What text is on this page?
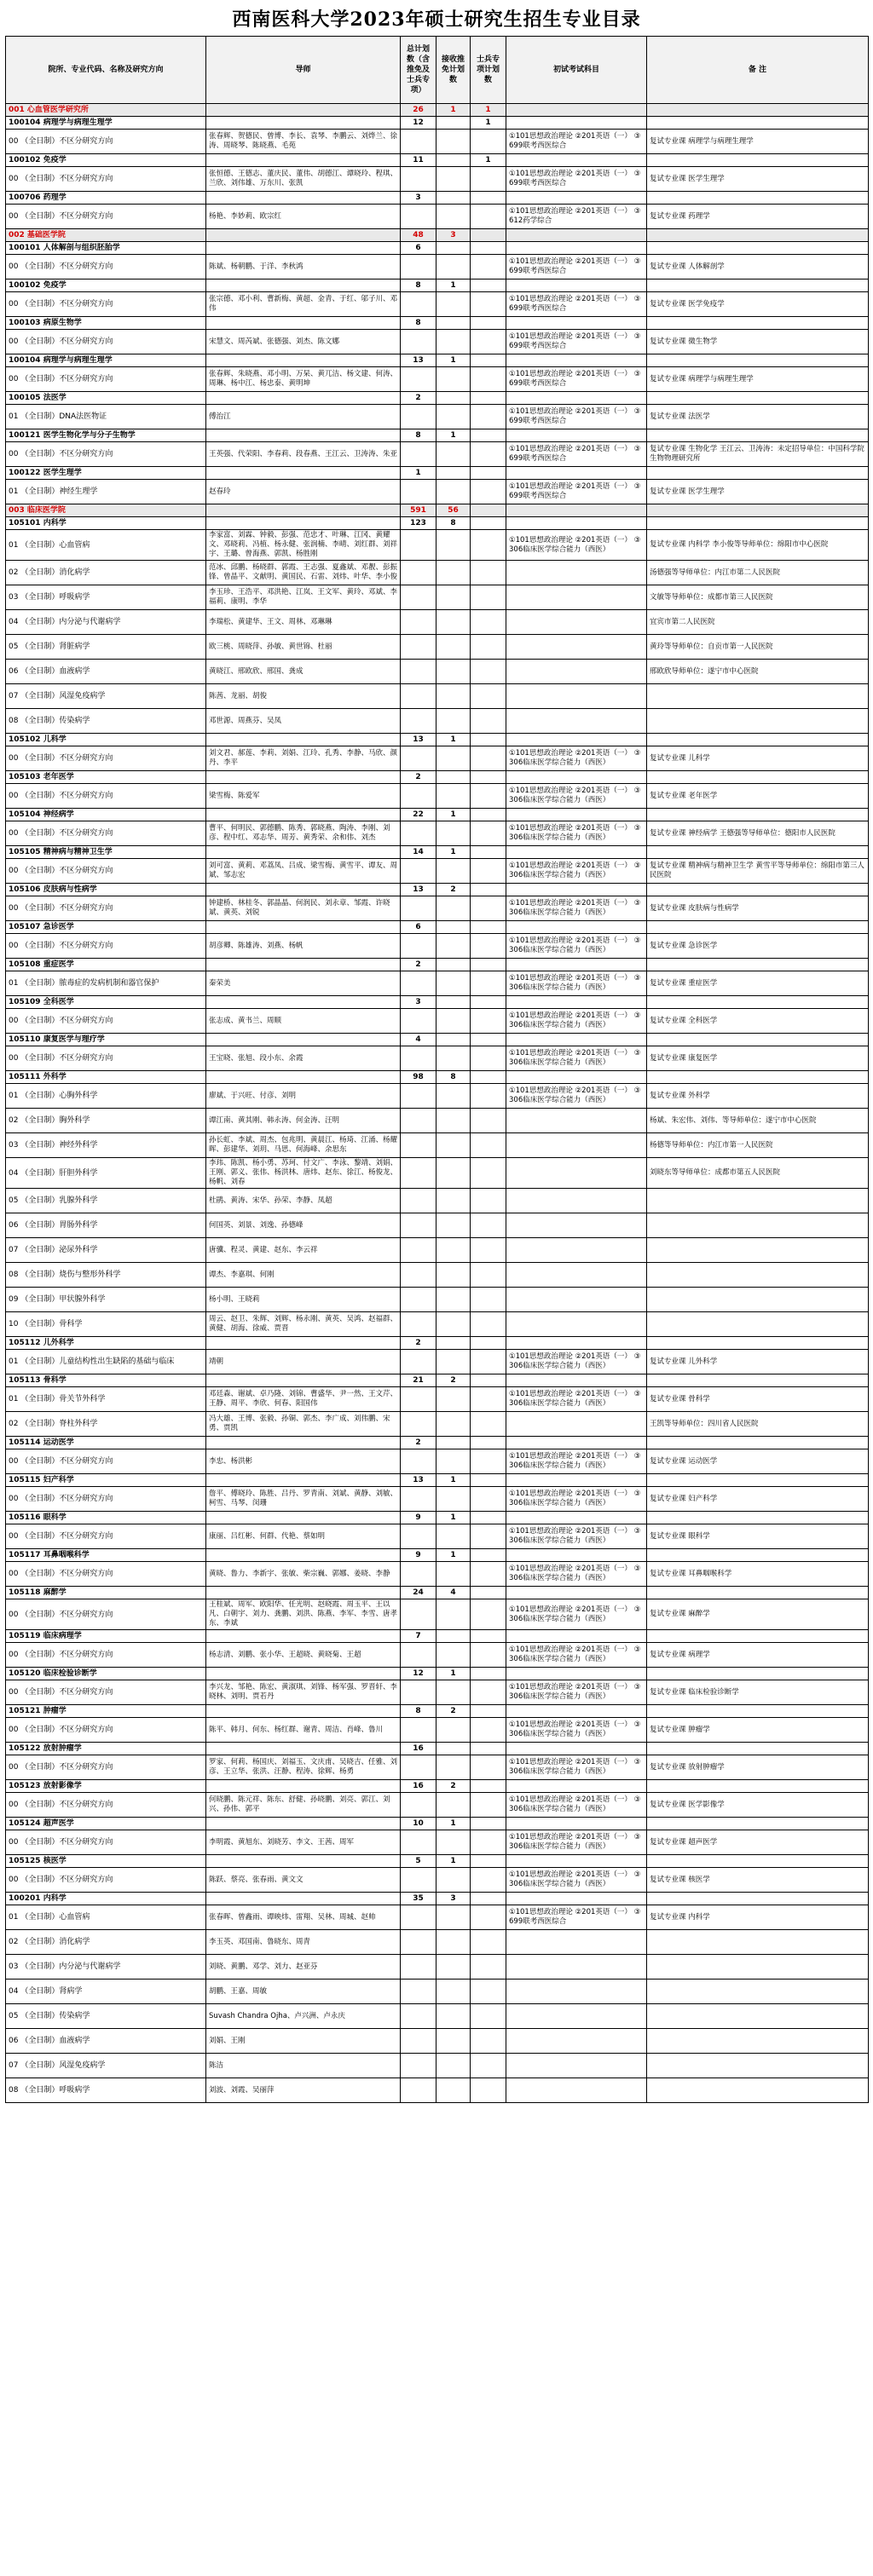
西南医科大学2023年硕士研究生招生专业目录
院所、专业代码、名称及研究方向	导师	总计划数（含推免及士兵专项）	接收推免计划数	士兵专项计划数	初试考试科目	备 注
001 心血管医学研究所		26	1	1		
100104 病理学与病理生理学		12		1		
00 （全日制）不区分研究方向	张春辉、贺德民、曾博、李长、袁琴、李鹏云、刘烨兰、徐涛、周晓琴、陈晓燕、毛苑				①101思想政治理论 ②201英语（一） ③699联考西医综合	复试专业课 病理学与病理生理学
100102 免疫学		11		1		
00 （全日制）不区分研究方向	张恒德、王德志、董庆民、董伟、胡德江、谭晓玲、程琪、兰欣、刘伟雄、万东川、张凯				①101思想政治理论 ②201英语（一） ③699联考西医综合	复试专业课 医学生理学
100706 药理学		3				
00 （全日制）不区分研究方向	杨艳、李妙莉、欧宗红				①101思想政治理论 ②201英语（一） ③612药学综合	复试专业课 药理学
002 基础医学院		48	3			
100101 人体解剖与组织胚胎学		6				
00 （全日制）不区分研究方向	陈斌、杨朝鹏、于洋、李秋鸿				①101思想政治理论 ②201英语（一） ③699联考西医综合	复试专业课 人体解剖学
100102 免疫学		8	1			
00 （全日制）不区分研究方向	张宗德、邓小利、曹新梅、黄超、金青、于红、邬子川、邓伟				①101思想政治理论 ②201英语（一） ③699联考西医综合	复试专业课 医学免疫学
100103 病原生物学		8				
00 （全日制）不区分研究方向	宋慧文、周芮斌、张德强、刘杰、陈文娜				①101思想政治理论 ②201英语（一） ③699联考西医综合	复试专业课 微生物学
100104 病理学与病理生理学		13	1			
00 （全日制）不区分研究方向	张春辉、朱晓燕、邓小明、万杲、黄兀洁、杨文建、何涛、周琳、杨中江、杨忠泰、黄明坤				①101思想政治理论 ②201英语（一） ③699联考西医综合	复试专业课 病理学与病理生理学
100105 法医学		2				
01 （全日制）DNA法医物证	傅治江				①101思想政治理论 ②201英语（一） ③699联考西医综合	复试专业课 法医学
100121 医学生物化学与分子生物学		8	1			
00 （全日制）不区分研究方向	王英强、代荣阳、李春莉、段春燕、王江云、卫涛涛、朱亚				①101思想政治理论 ②201英语（一） ③699联考西医综合	复试专业课 生物化学 王江云、卫涛涛：未定招导单位：中国科学院生物物理研究所
100122 医学生理学		1				
01 （全日制）神经生理学	赵春玲				①101思想政治理论 ②201英语（一） ③699联考西医综合	复试专业课 医学生理学
003 临床医学院		591	56			
105101 内科学		123	8			
01 （全日制）心血管病	李家富、刘霖、钟毅、彭强、范忠才、叶琳、江冈、黄耀文、邓晓莉、冯植、杨永健、张润楠、李晴、刘红群、刘祥宇、王璐、曾海燕、郭凯、杨胜刚				①101思想政治理论 ②201英语（一） ③306临床医学综合能力（西医）	复试专业课 内科学 李小俊等导师单位：绵阳市中心医院
02 （全日制）消化病学	范冰、邱鹏、杨晓群、郭霞、王志强、夏鑫斌、邓靓、彭振锋、曾晶平、文献明、黄国民、石雷、刘炜、叶华、李小俊					汤德强等导师单位：内江市第二人民医院
03 （全日制）呼吸病学	李玉珍、王浩平、邓洪艳、江岚、王文军、黄玲、邓斌、李福莉、康明、李华					文敏等导师单位：成都市第三人民医院
04 （全日制）内分泌与代谢病学	李瑞松、黄建华、王文、周林、邓琳琳					宜宾市第二人民医院
05 （全日制）肾脏病学	欧三桃、周晓萍、孙敏、黄世锦、杜丽					黄玲等导师单位：自贡市第一人民医院
06 （全日制）血液病学	黄晓江、邢欧欣、邢国、龚成					邢欧欣导师单位：遂宁市中心医院
07 （全日制）风湿免疫病学	陈茜、龙丽、胡俊					
08 （全日制）传染病学	邓世源、周燕芬、吴凤					
105102 儿科学		13	1			
00 （全日制）不区分研究方向	刘文君、郝莲、李莉、刘娟、江玲、孔秀、李静、马欣、颜丹、李平				①101思想政治理论 ②201英语（一） ③306临床医学综合能力（西医）	复试专业课 儿科学
105103 老年医学		2				
00 （全日制）不区分研究方向	梁雪梅、陈爱军				①101思想政治理论 ②201英语（一） ③306临床医学综合能力（西医）	复试专业课 老年医学
105104 神经病学		22	1			
00 （全日制）不区分研究方向	曹平、何明民、郭德鹏、陈秀、郭晓燕、陶涛、李刚、刘彦、程中红、邓志华、周芳、黄秀荣、余和伟、刘杰				①101思想政治理论 ②201英语（一） ③306临床医学综合能力（西医）	复试专业课 神经病学 王德强等导师单位：德阳市人民医院
105105 精神病与精神卫生学		14	1			
00 （全日制）不区分研究方向	刘可富、黄莉、邓荔凤、吕成、梁雪梅、黄雪平、谭友、周斌、邹志宏				①101思想政治理论 ②201英语（一） ③306临床医学综合能力（西医）	复试专业课 精神病与精神卫生学 黄雪平等导师单位：绵阳市第三人民医院
105106 皮肤病与性病学		13	2			
00 （全日制）不区分研究方向	钟建桥、林桂冬、郭晶晶、何润民、刘永章、邹霞、许晓斌、黄英、刘锐				①101思想政治理论 ②201英语（一） ③306临床医学综合能力（西医）	复试专业课 皮肤病与性病学
105107 急诊医学		6				
00 （全日制）不区分研究方向	胡彦卿、陈雄涛、刘燕、杨帆				①101思想政治理论 ②201英语（一） ③306临床医学综合能力（西医）	复试专业课 急诊医学
105108 重症医学		2				
01 （全日制）脓毒症的发病机制和器官保护	秦荣美				①101思想政治理论 ②201英语（一） ③306临床医学综合能力（西医）	复试专业课 重症医学
105109 全科医学		3				
00 （全日制）不区分研究方向	张志成、黄书兰、周顺				①101思想政治理论 ②201英语（一） ③306临床医学综合能力（西医）	复试专业课 全科医学
105110 康复医学与理疗学		4				
00 （全日制）不区分研究方向	王宝晓、张旭、段小东、余霞				①101思想政治理论 ②201英语（一） ③306临床医学综合能力（西医）	复试专业课 康复医学
105111 外科学		98	8			
01 （全日制）心胸外科学	廖斌、于兴旺、付彦、刘明				①101思想政治理论 ②201英语（一） ③306临床医学综合能力（西医）	复试专业课 外科学
02 （全日制）胸外科学	谭江南、黄其刚、韩永涛、何金涛、汪明					杨斌、朱宏伟、刘伟、等导师单位：遂宁市中心医院
03 （全日制）神经外科学	孙长虹、李斌、周杰、包兆明、黄晨江、杨琦、江涌、杨耀晖、彭建华、刘玥、马思、何海峰、余思东					杨德等导师单位：内江市第一人民医院
04 （全日制）肝胆外科学	李玮、陈凯、杨小勇、苏珂、付文广、李泳、黎靖、刘娟、王刚、郭义、张伟、杨洪林、唐炜、赵东、徐江、杨俊龙、杨帆、刘春					刘晓东等导师单位：成都市第五人民医院
05 （全日制）乳腺外科学	杜鹃、黄涛、宋华、孙荣、李静、凤超					
06 （全日制）胃肠外科学	何国英、刘景、刘逸、孙德峰					
07 （全日制）泌尿外科学	唐骥、程灵、黄建、赵东、李云祥					
08 （全日制）烧伤与整形外科学	谭杰、李嘉琪、何刚					
09 （全日制）甲状腺外科学	杨小明、王晓莉					
10 （全日制）骨科学	周云、赵卫、朱辉、刘辉、杨永刚、黄英、吴鸿、赵福群、黄健、胡海、徐威、贾晋					
105112 儿外科学		2				
01 （全日制）儿童结构性出生缺陷的基础与临床	靖朝				①101思想政治理论 ②201英语（一） ③306临床医学综合能力（西医）	复试专业课 儿外科学
105113 骨科学		21	2			
01 （全日制）骨关节外科学	邓廷森、谢斌、卓乃隆、刘锦、曹盛华、尹一然、王文芹、王静、周平、李欣、何春、阳国伟				①101思想政治理论 ②201英语（一） ③306临床医学综合能力（西医）	复试专业课 骨科学
02 （全日制）脊柱外科学	冯大雄、王博、张毅、孙铜、郭杰、李广成、刘伟鹏、宋勇、贾凯					王凯等导师单位：四川省人民医院
105114 运动医学		2				
00 （全日制）不区分研究方向	李忠、杨洪彬				①101思想政治理论 ②201英语（一） ③306临床医学综合能力（西医）	复试专业课 运动医学
105115 妇产科学		13	1			
00 （全日制）不区分研究方向	詹平、傅晓玲、陈胜、吕丹、罗青南、刘斌、黄静、刘敏、柯雪、马琴、闵珊				①101思想政治理论 ②201英语（一） ③306临床医学综合能力（西医）	复试专业课 妇产科学
105116 眼科学		9	1			
00 （全日制）不区分研究方向	康丽、吕红彬、何群、代艳、蔡如明				①101思想政治理论 ②201英语（一） ③306临床医学综合能力（西医）	复试专业课 眼科学
105117 耳鼻咽喉科学		9	1			
00 （全日制）不区分研究方向	黄晓、鲁力、李新宇、张敏、柴宗巍、郭娜、姜晓、李静				①101思想政治理论 ②201英语（一） ③306临床医学综合能力（西医）	复试专业课 耳鼻咽喉科学
105118 麻醉学		24	4			
00 （全日制）不区分研究方向	王桂斌、周军、欧阳华、任光明、赵晓霞、周玉平、王以凡、白朝宇、刘力、龚鹏、刘洪、陈燕、李军、李雪、唐孝东、李斌				①101思想政治理论 ②201英语（一） ③306临床医学综合能力（西医）	复试专业课 麻醉学
105119 临床病理学		7				
00 （全日制）不区分研究方向	杨志清、刘鹏、张小华、王超晓、黄晓菊、王超				①101思想政治理论 ②201英语（一） ③306临床医学综合能力（西医）	复试专业课 病理学
105120 临床检验诊断学		12	1			
00 （全日制）不区分研究方向	李兴龙、邹艳、陈宏、黄淑琪、刘锋、杨军强、罗晋轩、李晓林、刘明、贾若丹				①101思想政治理论 ②201英语（一） ③306临床医学综合能力（西医）	复试专业课 临床检验诊断学
105121 肿瘤学		8	2			
00 （全日制）不区分研究方向	陈平、韩月、何东、杨红群、谢青、周洁、肖峰、鲁川				①101思想政治理论 ②201英语（一） ③306临床医学综合能力（西医）	复试专业课 肿瘤学
105122 放射肿瘤学		16				
00 （全日制）不区分研究方向	罗家、何莉、杨国庆、刘福玉、文庆甫、吴晓吉、任雅、刘彦、王立华、张洪、汪静、程涛、徐辉、杨勇				①101思想政治理论 ②201英语（一） ③306临床医学综合能力（西医）	复试专业课 放射肿瘤学
105123 放射影像学		16	2			
00 （全日制）不区分研究方向	何晓鹏、陈元祥、陈东、舒健、孙晓鹏、刘亮、郭江、刘兴、孙伟、郭平				①101思想政治理论 ②201英语（一） ③306临床医学综合能力（西医）	复试专业课 医学影像学
105124 超声医学		10	1			
00 （全日制）不区分研究方向	李明霞、黄旭东、刘晓芳、李文、王茜、周军				①101思想政治理论 ②201英语（一） ③306临床医学综合能力（西医）	复试专业课 超声医学
105125 核医学		5	1			
00 （全日制）不区分研究方向	陈跃、蔡亮、张春雨、黄文文				①101思想政治理论 ②201英语（一） ③306临床医学综合能力（西医）	复试专业课 核医学
100201 内科学		35	3			
01 （全日制）心血管病	张春晖、曾鑫雨、谭映炜、雷翔、吴林、周城、赵帅				①101思想政治理论 ②201英语（一） ③699联考西医综合	复试专业课 内科学
02 （全日制）消化病学	李玉英、邓国南、鲁晓东、周青					
03 （全日制）内分泌与代谢病学	刘晓、黄鹏、邓学、刘力、赵亚芬					
04 （全日制）肾病学	胡鹏、王嘉、周敏					
05 （全日制）传染病学	Suvash Chandra Ojha、卢兴洲、卢永庆					
06 （全日制）血液病学	刘娟、王刚					
07 （全日制）风湿免疫病学	陈洁					
08 （全日制）呼吸病学	刘波、刘霞、吴丽萍					
